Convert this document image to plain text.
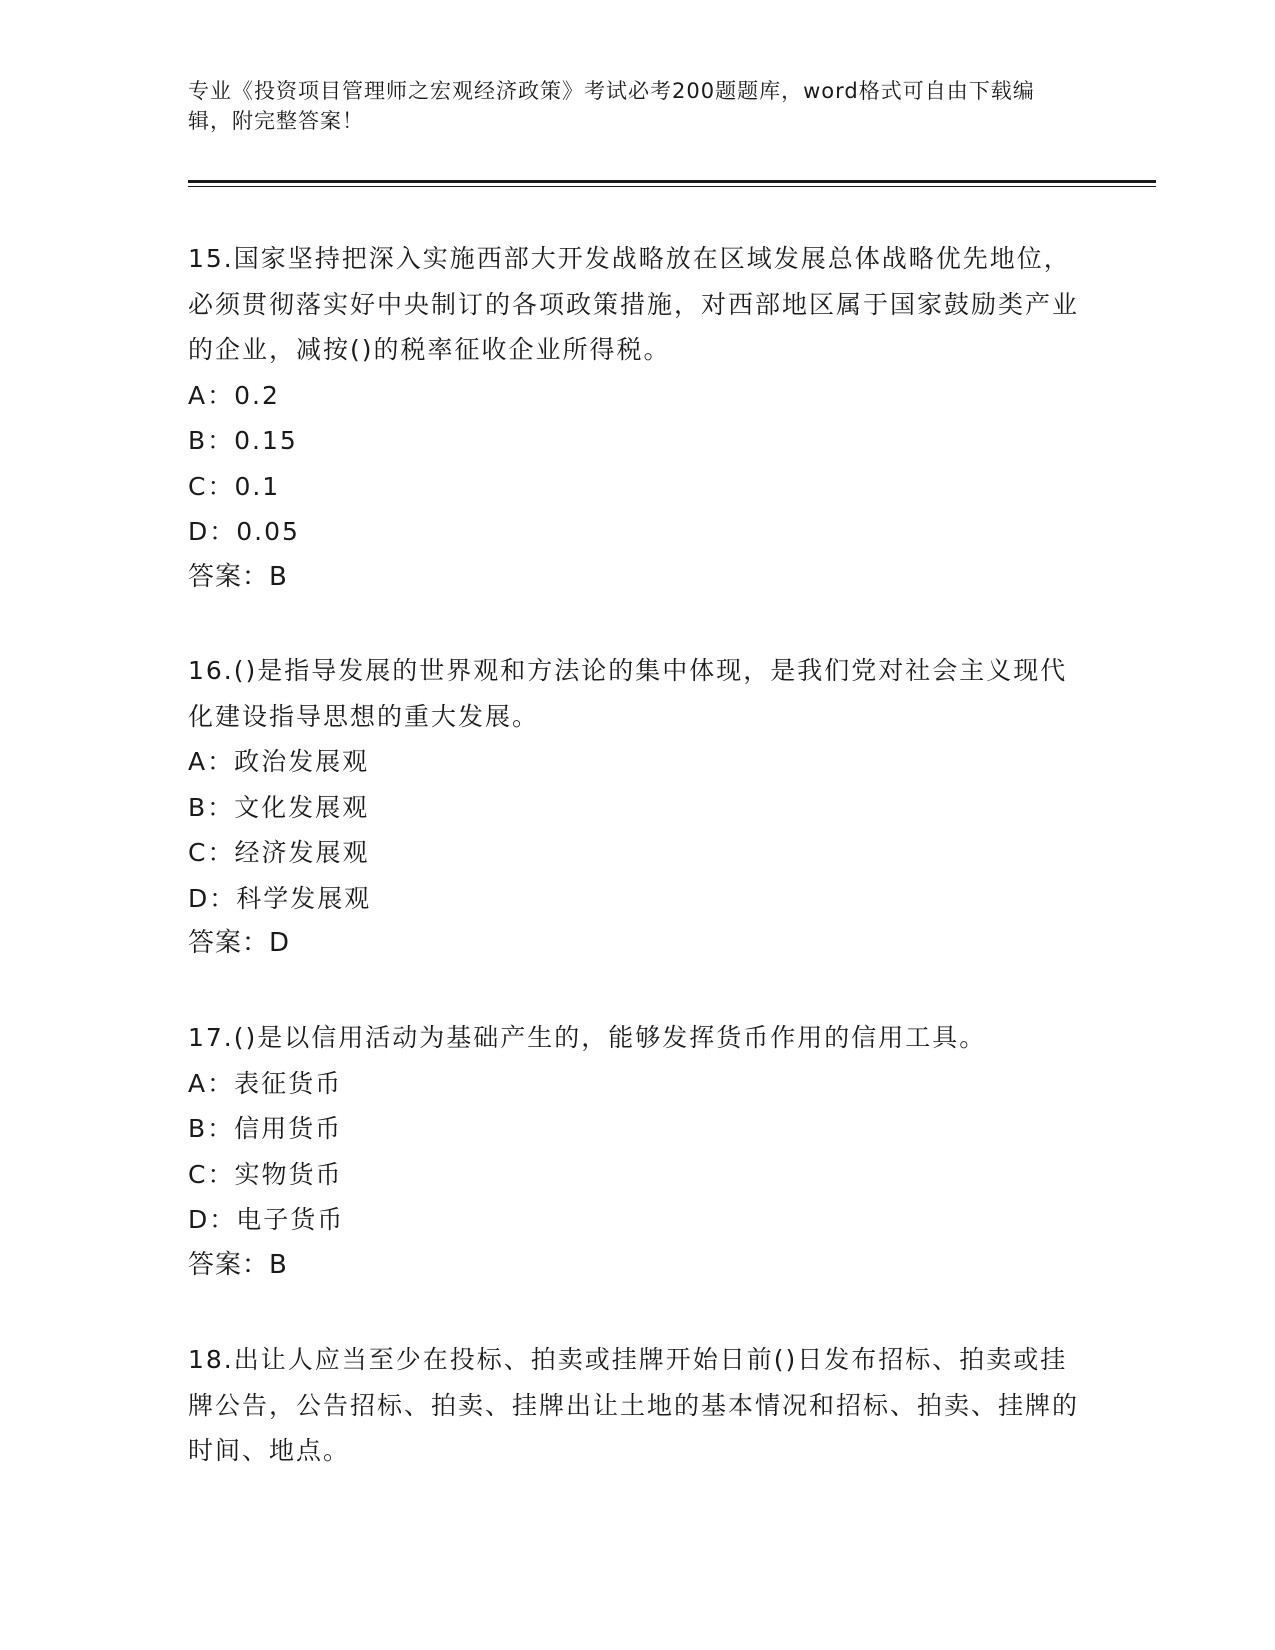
专业《投资项目管理师之宏观经济政策》考试必考200题题库，word格式可自由下载编辑，附完整答案！

15.国家坚持把深入实施西部大开发战略放在区域发展总体战略优先地位，必须贯彻落实好中央制订的各项政策措施，对西部地区属于国家鼓励类产业的企业，减按()的税率征收企业所得税。

A：0.2

B：0.15

C：0.1

D：0.05

答案：B

16.()是指导发展的世界观和方法论的集中体现，是我们党对社会主义现代化建设指导思想的重大发展。

A：政治发展观

B：文化发展观

C：经济发展观

D：科学发展观

答案：D

17.()是以信用活动为基础产生的，能够发挥货币作用的信用工具。

A：表征货币

B：信用货币

C：实物货币

D：电子货币

答案：B

18.出让人应当至少在投标、拍卖或挂牌开始日前()日发布招标、拍卖或挂牌公告，公告招标、拍卖、挂牌出让土地的基本情况和招标、拍卖、挂牌的时间、地点。
